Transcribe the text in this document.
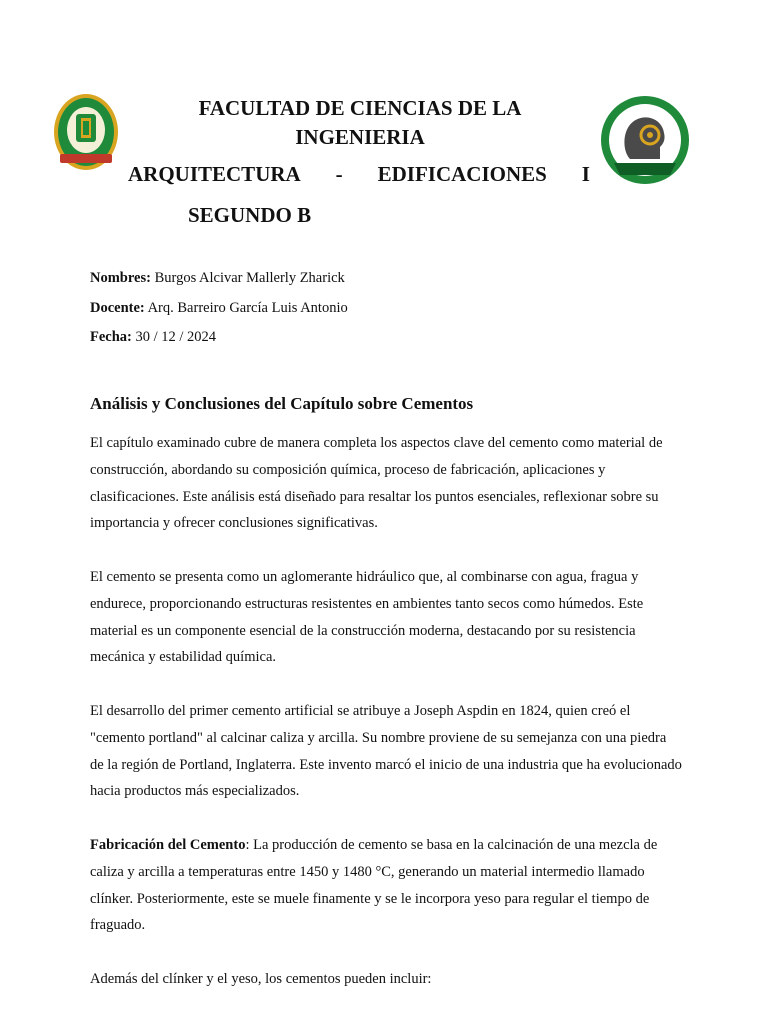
FACULTAD DE CIENCIAS DE LA INGENIERIA
ARQUITECTURA - EDIFICACIONES I
SEGUNDO B
Nombres: Burgos Alcivar Mallerly Zharick
Docente: Arq. Barreiro García Luis Antonio
Fecha: 30 / 12 / 2024
Análisis y Conclusiones del Capítulo sobre Cementos

El capítulo examinado cubre de manera completa los aspectos clave del cemento como material de construcción, abordando su composición química, proceso de fabricación, aplicaciones y clasificaciones. Este análisis está diseñado para resaltar los puntos esenciales, reflexionar sobre su importancia y ofrecer conclusiones significativas.

El cemento se presenta como un aglomerante hidráulico que, al combinarse con agua, fragua y endurece, proporcionando estructuras resistentes en ambientes tanto secos como húmedos. Este material es un componente esencial de la construcción moderna, destacando por su resistencia mecánica y estabilidad química.

El desarrollo del primer cemento artificial se atribuye a Joseph Aspdin en 1824, quien creó el "cemento portland" al calcinar caliza y arcilla. Su nombre proviene de su semejanza con una piedra de la región de Portland, Inglaterra. Este invento marcó el inicio de una industria que ha evolucionado hacia productos más especializados.

Fabricación del Cemento: La producción de cemento se basa en la calcinación de una mezcla de caliza y arcilla a temperaturas entre 1450 y 1480 °C, generando un material intermedio llamado clínker. Posteriormente, este se muele finamente y se le incorpora yeso para regular el tiempo de fraguado.

Además del clínker y el yeso, los cementos pueden incluir:
